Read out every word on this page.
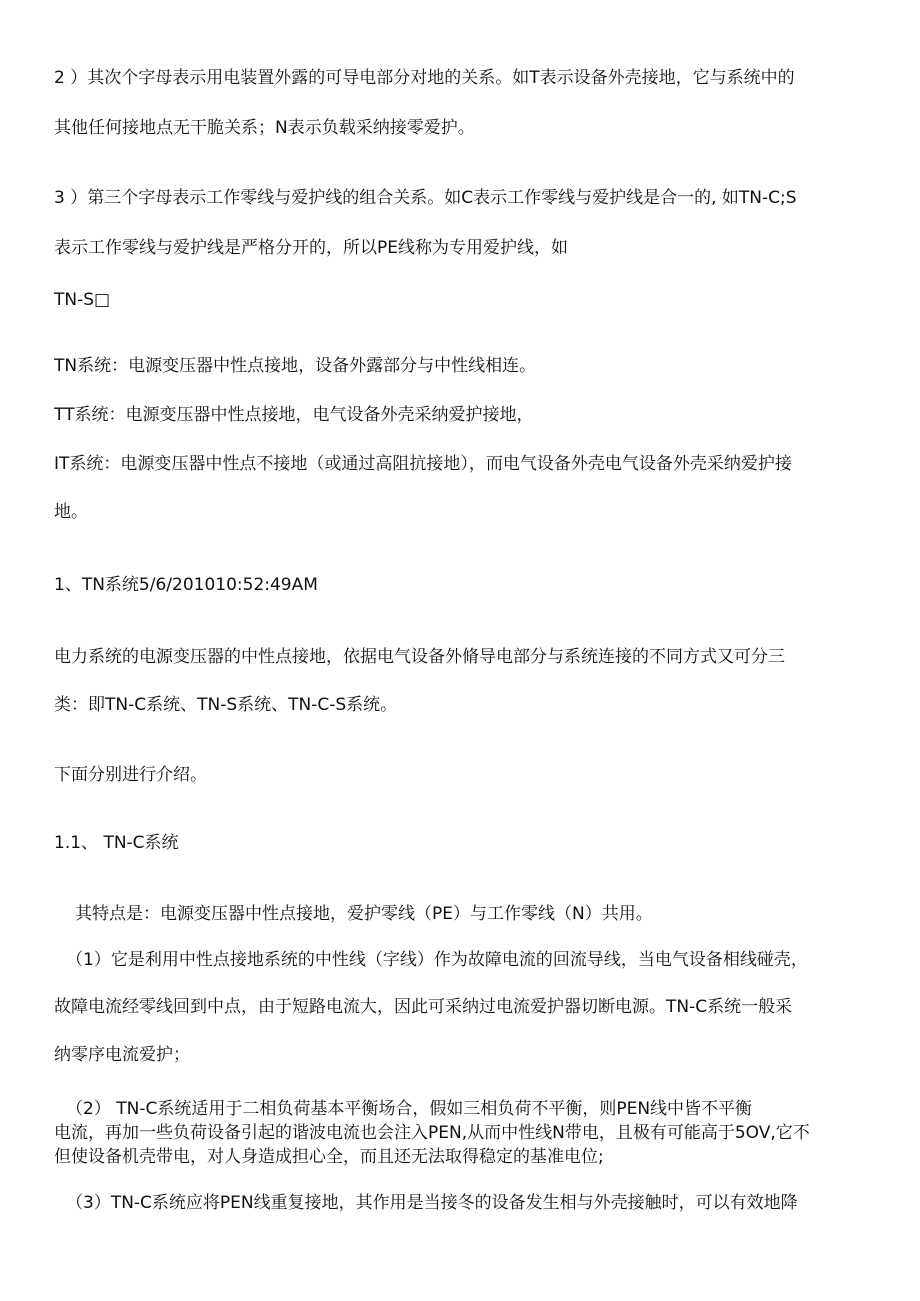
2 ）其次个字母表示用电装置外露的可导电部分对地的关系。如T表示设备外壳接地，它与系统中的
其他任何接地点无干脆关系；N表示负载采纳接零爱护。
3 ）第三个字母表示工作零线与爱护线的组合关系。如C表示工作零线与爱护线是合一的, 如TN-C;S
表示工作零线与爱护线是严格分开的，所以PE线称为专用爱护线，如
TN-S□
TN系统：电源变压器中性点接地，设备外露部分与中性线相连。
TT系统：电源变压器中性点接地，电气设备外壳采纳爱护接地，
IT系统：电源变压器中性点不接地（或通过高阻抗接地），而电气设备外壳电气设备外壳采纳爱护接
地。
1、TN系统5/6/201010:52:49AM
电力系统的电源变压器的中性点接地，依据电气设备外脩导电部分与系统连接的不同方式又可分三
类：即TN-C系统、TN-S系统、TN-C-S系统。
下面分别进行介绍。
1.1、 TN-C系统
其特点是：电源变压器中性点接地，爱护零线（PE）与工作零线（N）共用。
（1）它是利用中性点接地系统的中性线（字线）作为故障电流的回流导线，当电气设备相线碰壳，
故障电流经零线回到中点，由于短路电流大，因此可采纳过电流爱护器切断电源。TN-C系统一般采
纳零序电流爱护；
（2） TN-C系统适用于二相负荷基本平衡场合，假如三相负荷不平衡，则PEN线中皆不平衡
电流，再加一些负荷设备引起的谐波电流也会注入PEN,从而中性线N带电，且极有可能高于5OV,它不
但使设备机壳带电，对人身造成担心全，而且还无法取得稳定的基准电位;
（3）TN-C系统应将PEN线重复接地，其作用是当接冬的设备发生相与外壳接触时，可以有效地降
